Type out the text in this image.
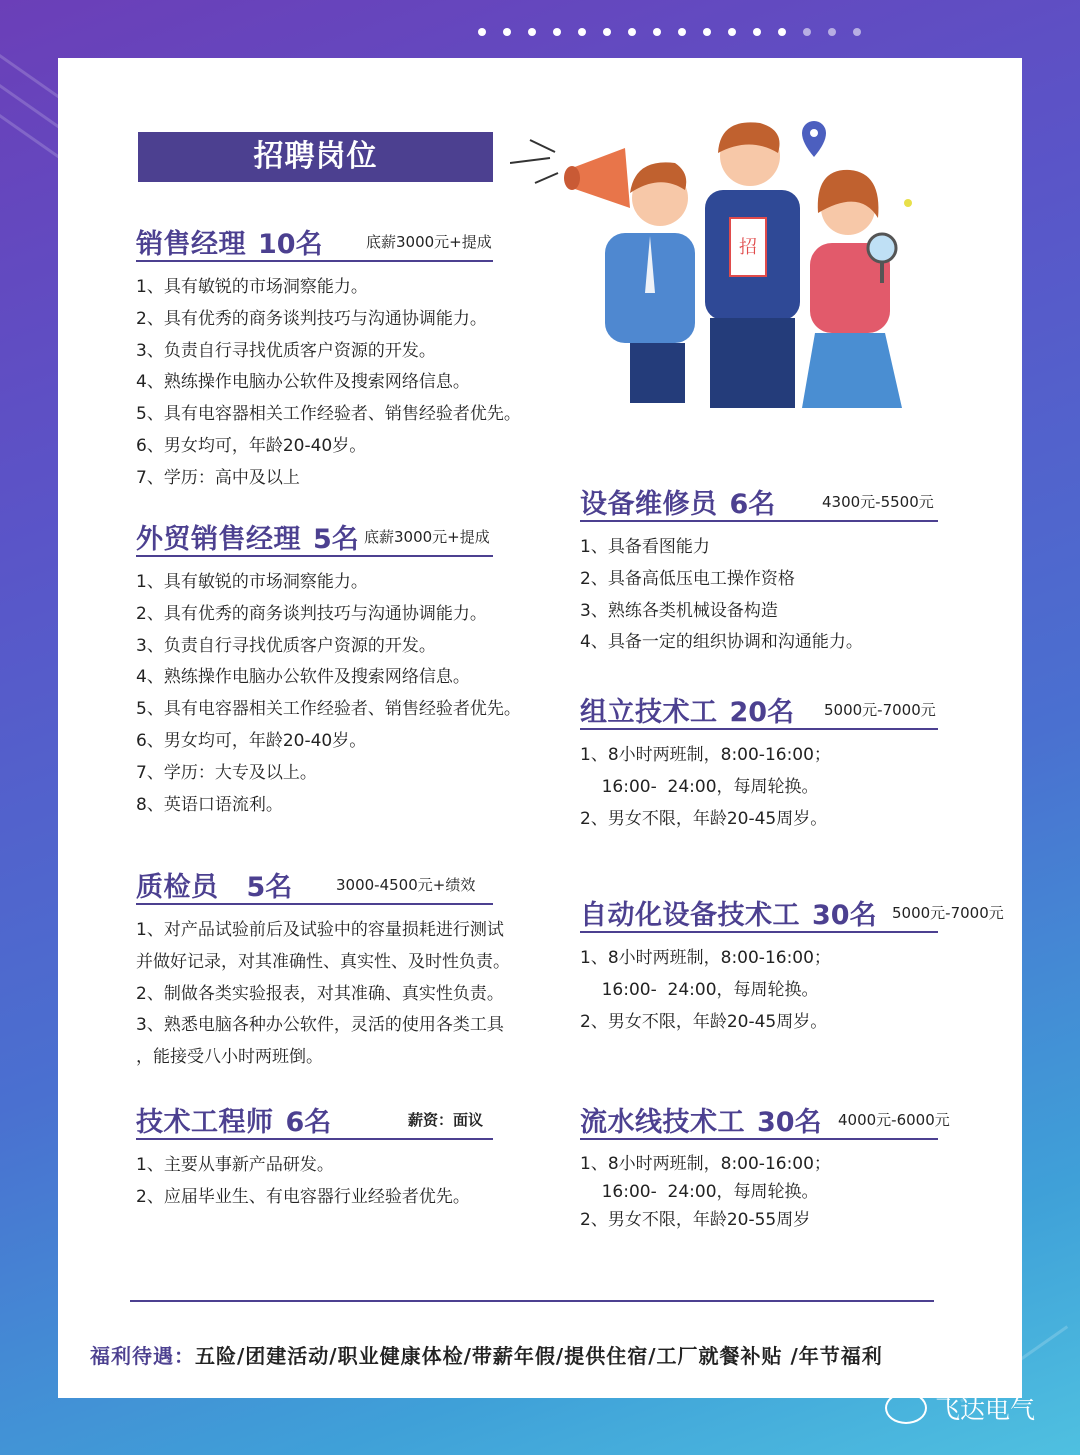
招聘岗位
招
销售经理 10名	底薪3000元+提成
1、具有敏锐的市场洞察能力。
2、具有优秀的商务谈判技巧与沟通协调能力。
3、负责自行寻找优质客户资源的开发。
4、熟练操作电脑办公软件及搜索网络信息。
5、具有电容器相关工作经验者、销售经验者优先。
6、男女均可，年龄20-40岁。
7、学历：高中及以上
外贸销售经理 5名 底薪3000元+提成
1、具有敏锐的市场洞察能力。
2、具有优秀的商务谈判技巧与沟通协调能力。
3、负责自行寻找优质客户资源的开发。
4、熟练操作电脑办公软件及搜索网络信息。
5、具有电容器相关工作经验者、销售经验者优先。
6、男女均可，年龄20-40岁。
7、学历：大专及以上。
8、英语口语流利。
质检员 5名	3000-4500元+绩效
1、对产品试验前后及试验中的容量损耗进行测试
并做好记录，对其准确性、真实性、及时性负责。
2、制做各类实验报表，对其准确、真实性负责。
3、熟悉电脑各种办公软件，灵活的使用各类工具
，能接受八小时两班倒。
技术工程师 6名	薪资：面议
1、主要从事新产品研发。
2、应届毕业生、有电容器行业经验者优先。
设备维修员 6名	4300元-5500元
1、具备看图能力
2、具备高低压电工操作资格
3、熟练各类机械设备构造
4、具备一定的组织协调和沟通能力。
组立技术工 20名 5000元-7000元
1、8小时两班制，8:00-16:00；
16:00-  24:00，每周轮换。
2、男女不限，年龄20-45周岁。
自动化设备技术工 30名 5000元-7000元
1、8小时两班制，8:00-16:00；
16:00-  24:00，每周轮换。
2、男女不限，年龄20-45周岁。
流水线技术工 30名 4000元-6000元
1、8小时两班制，8:00-16:00；
16:00-  24:00，每周轮换。
2、男女不限，年龄20-55周岁
福利待遇：五险/团建活动/职业健康体检/带薪年假/提供住宿/工厂就餐补贴 /年节福利
飞达电气
